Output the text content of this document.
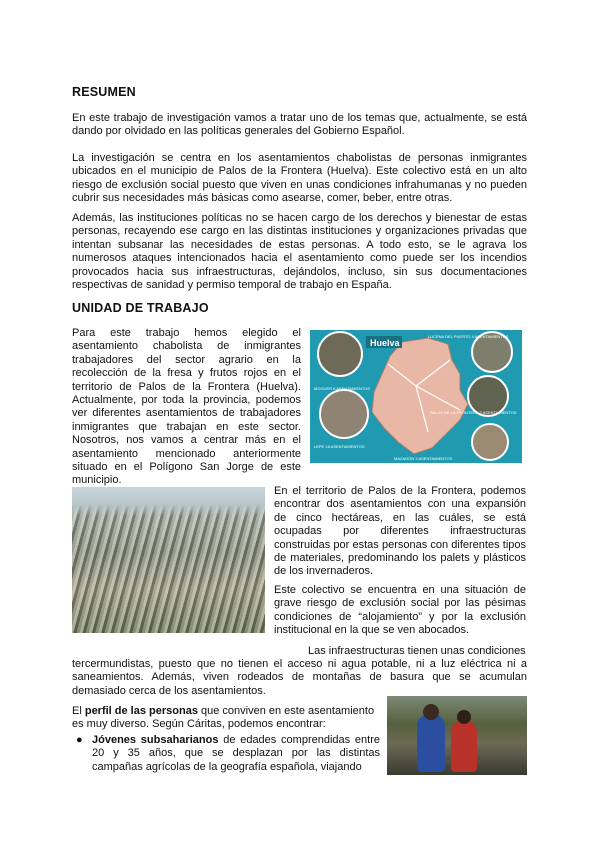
RESUMEN

En este trabajo de investigación vamos a tratar uno de los temas que, actualmente, se está dando por olvidado en las políticas generales del Gobierno Español.

La investigación se centra en los asentamientos chabolistas de personas inmigrantes ubicados en el municipio de Palos de la Frontera (Huelva). Este colectivo está en un alto riesgo de exclusión social puesto que viven en unas condiciones infrahumanas y no pueden cubrir sus necesidades más básicas como asearse, comer, beber, entre otras.

Además, las instituciones políticas no se hacen cargo de los derechos y bienestar de estas personas, recayendo ese cargo en las distintas instituciones y organizaciones privadas que intentan subsanar las necesidades de estas personas. A todo esto, se le agrava los numerosos ataques intencionados hacia el asentamiento como puede ser los incendios provocados hacia sus infraestructuras, dejándolos, incluso, sin sus documentaciones respectivas de sanidad y permiso temporal de trabajo en España.

UNIDAD DE TRABAJO

Para este trabajo hemos elegido el asentamiento chabolista de inmigrantes trabajadores del sector agrario en la recolección de la fresa y frutos rojos en el territorio de Palos de la Frontera (Huelva). Actualmente, por toda la provincia, podemos ver diferentes asentamientos de trabajadores inmigrantes que trabajan en este sector. Nosotros, nos vamos a centrar más en el asentamiento mencionado anteriormente situado en el Polígono San Jorge de este municipio.

Huelva
LUCENA DEL PUERTO 4 ASENTAMIENTOS
MOGUER 6 ASENTAMIENTOS
PALOS DE LA FRONTERA 2 ASENTAMIENTOS
LEPE 16 ASENTAMIENTOS
MAZAGÓN 3 ASENTAMIENTOS

En el territorio de Palos de la Frontera, podemos encontrar dos asentamientos con una expansión de cinco hectáreas, en las cuáles, se está ocupadas por diferentes infraestructuras construidas por estas personas con diferentes tipos de materiales, predominando los palets y plásticos de los invernaderos.

Este colectivo se encuentra en una situación de grave riesgo de exclusión social por las pésimas condiciones de “alojamiento” y por la exclusión institucional en la que se ven abocados.

Las infraestructuras tienen unas condiciones

tercermundistas, puesto que no tienen el acceso ni agua potable, ni a luz eléctrica ni a saneamientos. Además, viven rodeados de montañas de basura que se acumulan demasiado cerca de los asentamientos.

El perfil de las personas que conviven en este asentamiento es muy diverso. Según Cáritas, podemos encontrar:

● Jóvenes subsaharianos de edades comprendidas entre 20 y 35 años, que se desplazan por las distintas campañas agrícolas de la geografía española, viajando
